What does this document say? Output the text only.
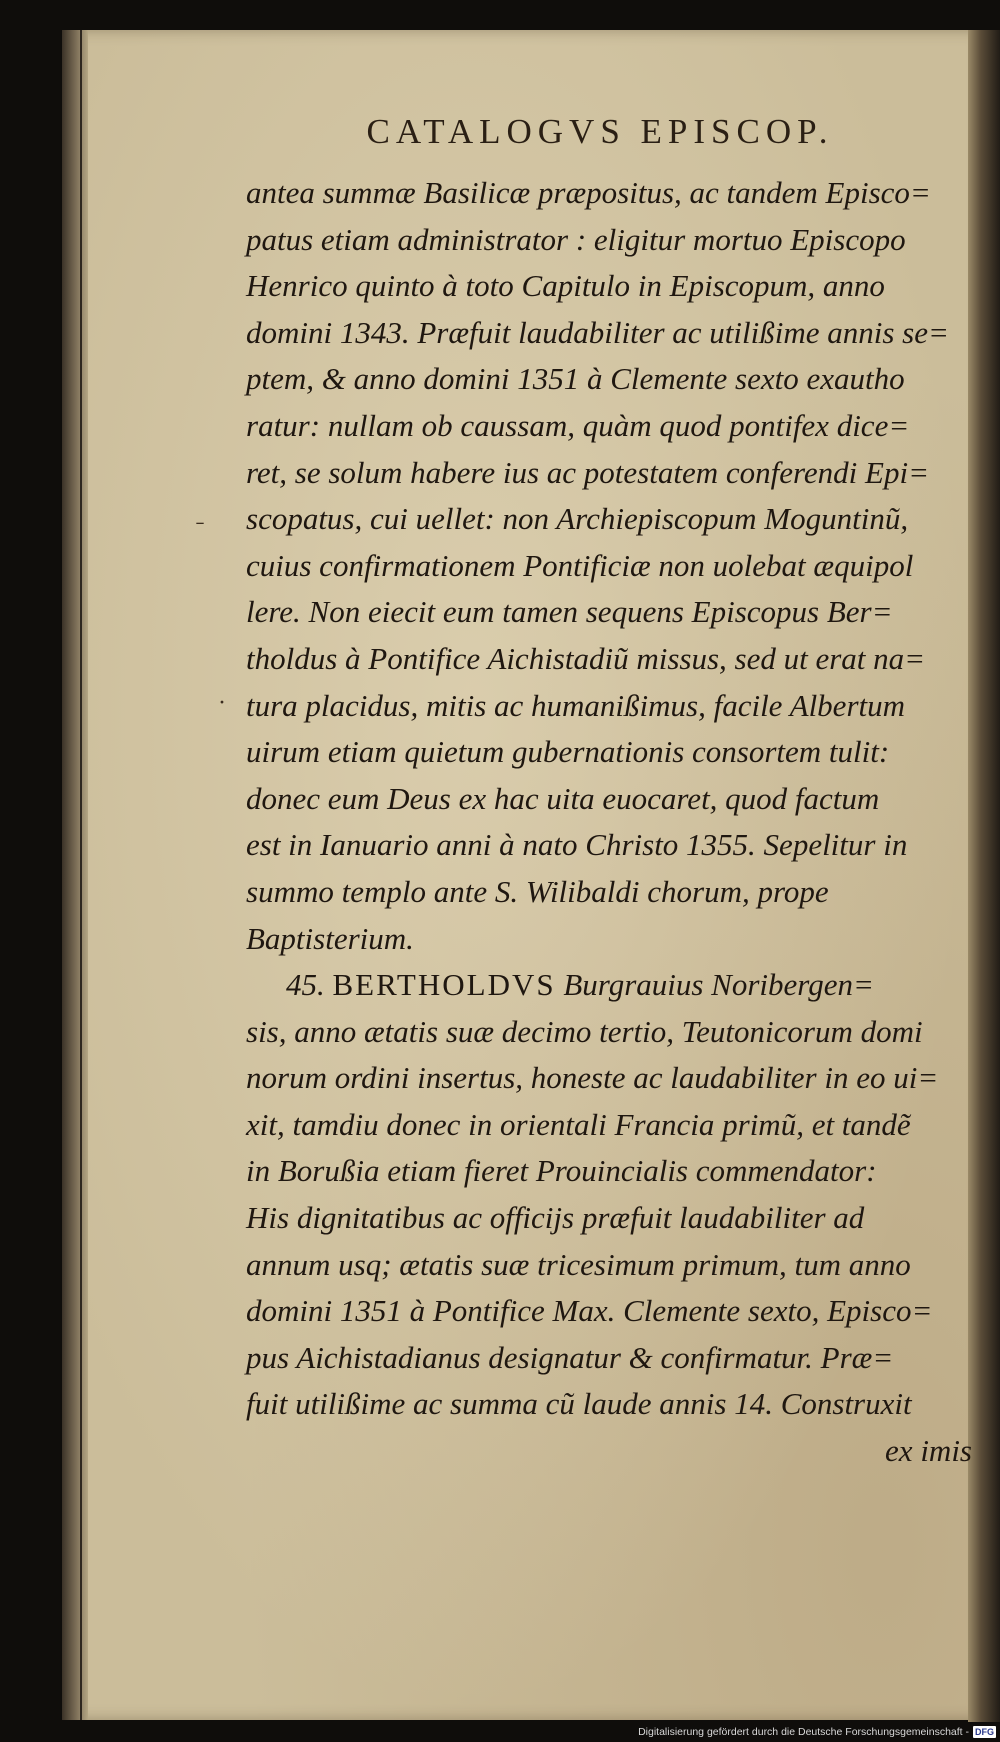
CATALOGVS EPISCOP.
antea summæ Basilicæ præpositus, ac tandem Episco=
patus etiam administrator : eligitur mortuo Episcopo
Henrico quinto à toto Capitulo in Episcopum, anno
domini 1343. Præfuit laudabiliter ac utilißime annis se=
ptem, & anno domini 1351 à Clemente sexto exautho
ratur: nullam ob caussam, quàm quod pontifex dice=
ret, se solum habere ius ac potestatem conferendi Epi=
scopatus, cui uellet: non Archiepiscopum Moguntinũ,
cuius confirmationem Pontificiæ non uolebat æquipol
lere. Non eiecit eum tamen sequens Episcopus Ber=
tholdus à Pontifice Aichistadiũ missus, sed ut erat na=
tura placidus, mitis ac humanißimus, facile Albertum
uirum etiam quietum gubernationis consortem tulit:
donec eum Deus ex hac uita euocaret, quod factum
est in Ianuario anni à nato Christo 1355. Sepelitur in
summo templo ante S. Wilibaldi chorum, prope
Baptisterium.
45. BERTHOLDVS Burgrauius Noribergen=
sis, anno ætatis suæ decimo tertio, Teutonicorum domi
norum ordini insertus, honeste ac laudabiliter in eo ui=
xit, tamdiu donec in orientali Francia primũ, et tandẽ
in Borußia etiam fieret Prouincialis commendator:
His dignitatibus ac officijs præfuit laudabiliter ad
annum usq; ætatis suæ tricesimum primum, tum anno
domini 1351 à Pontifice Max. Clemente sexto, Episco=
pus Aichistadianus designatur & confirmatur. Præ=
fuit utilißime ac summa cũ laude annis 14. Construxit
ex imis
˗
·
Digitalisierung gefördert durch die Deutsche Forschungsgemeinschaft - DFG
